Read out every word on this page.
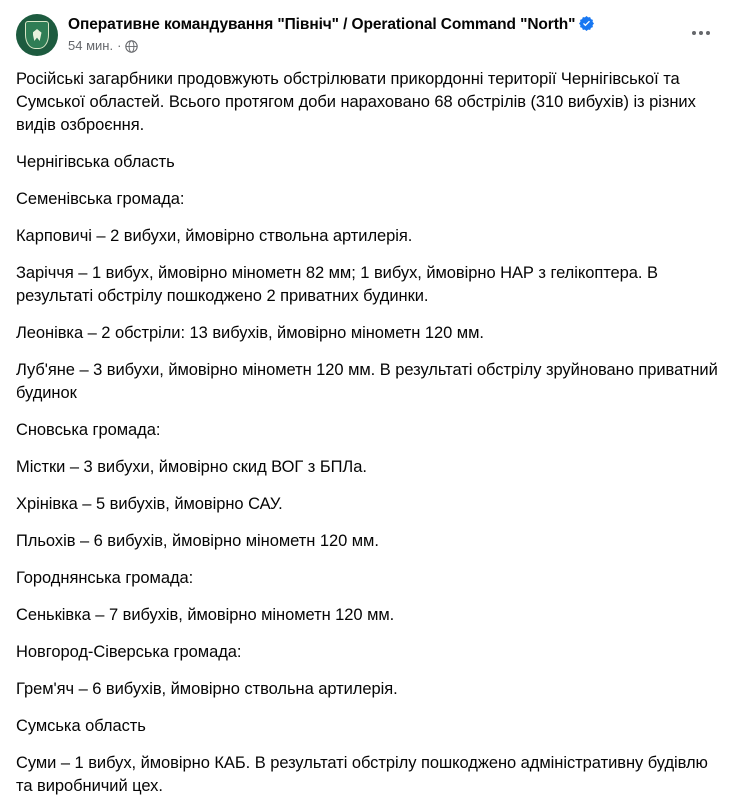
Оперативне командування "Північ" / Operational Command "North"
54 мин. ·

Російські загарбники продовжують обстрілювати прикордонні території Чернігівської та Сумської областей. Всього протягом доби нараховано 68 обстрілів (310 вибухів) із різних видів озброєння.

Чернігівська область

Семенівська громада:

Карповичі – 2 вибухи, ймовірно ствольна артилерія.

Заріччя – 1 вибух, ймовірно мінометн 82 мм; 1 вибух, ймовірно НАР з гелікоптера. В результаті обстрілу пошкоджено 2 приватних будинки.

Леонівка – 2 обстріли: 13 вибухів, ймовірно мінометн 120 мм.

Луб'яне – 3 вибухи, ймовірно мінометн 120 мм. В результаті обстрілу зруйновано приватний будинок

Сновська громада:

Містки – 3 вибухи, ймовірно скид ВОГ з БПЛа.

Хрінівка – 5 вибухів, ймовірно САУ.

Пльохів – 6 вибухів, ймовірно мінометн 120 мм.

Городнянська громада:

Сеньківка – 7 вибухів, ймовірно мінометн 120 мм.

Новгород-Сіверська громада:

Грем'яч – 6 вибухів, ймовірно ствольна артилерія.

Сумська область

Суми – 1 вибух, ймовірно КАБ. В результаті обстрілу пошкоджено адміністративну будівлю та виробничий цех.
